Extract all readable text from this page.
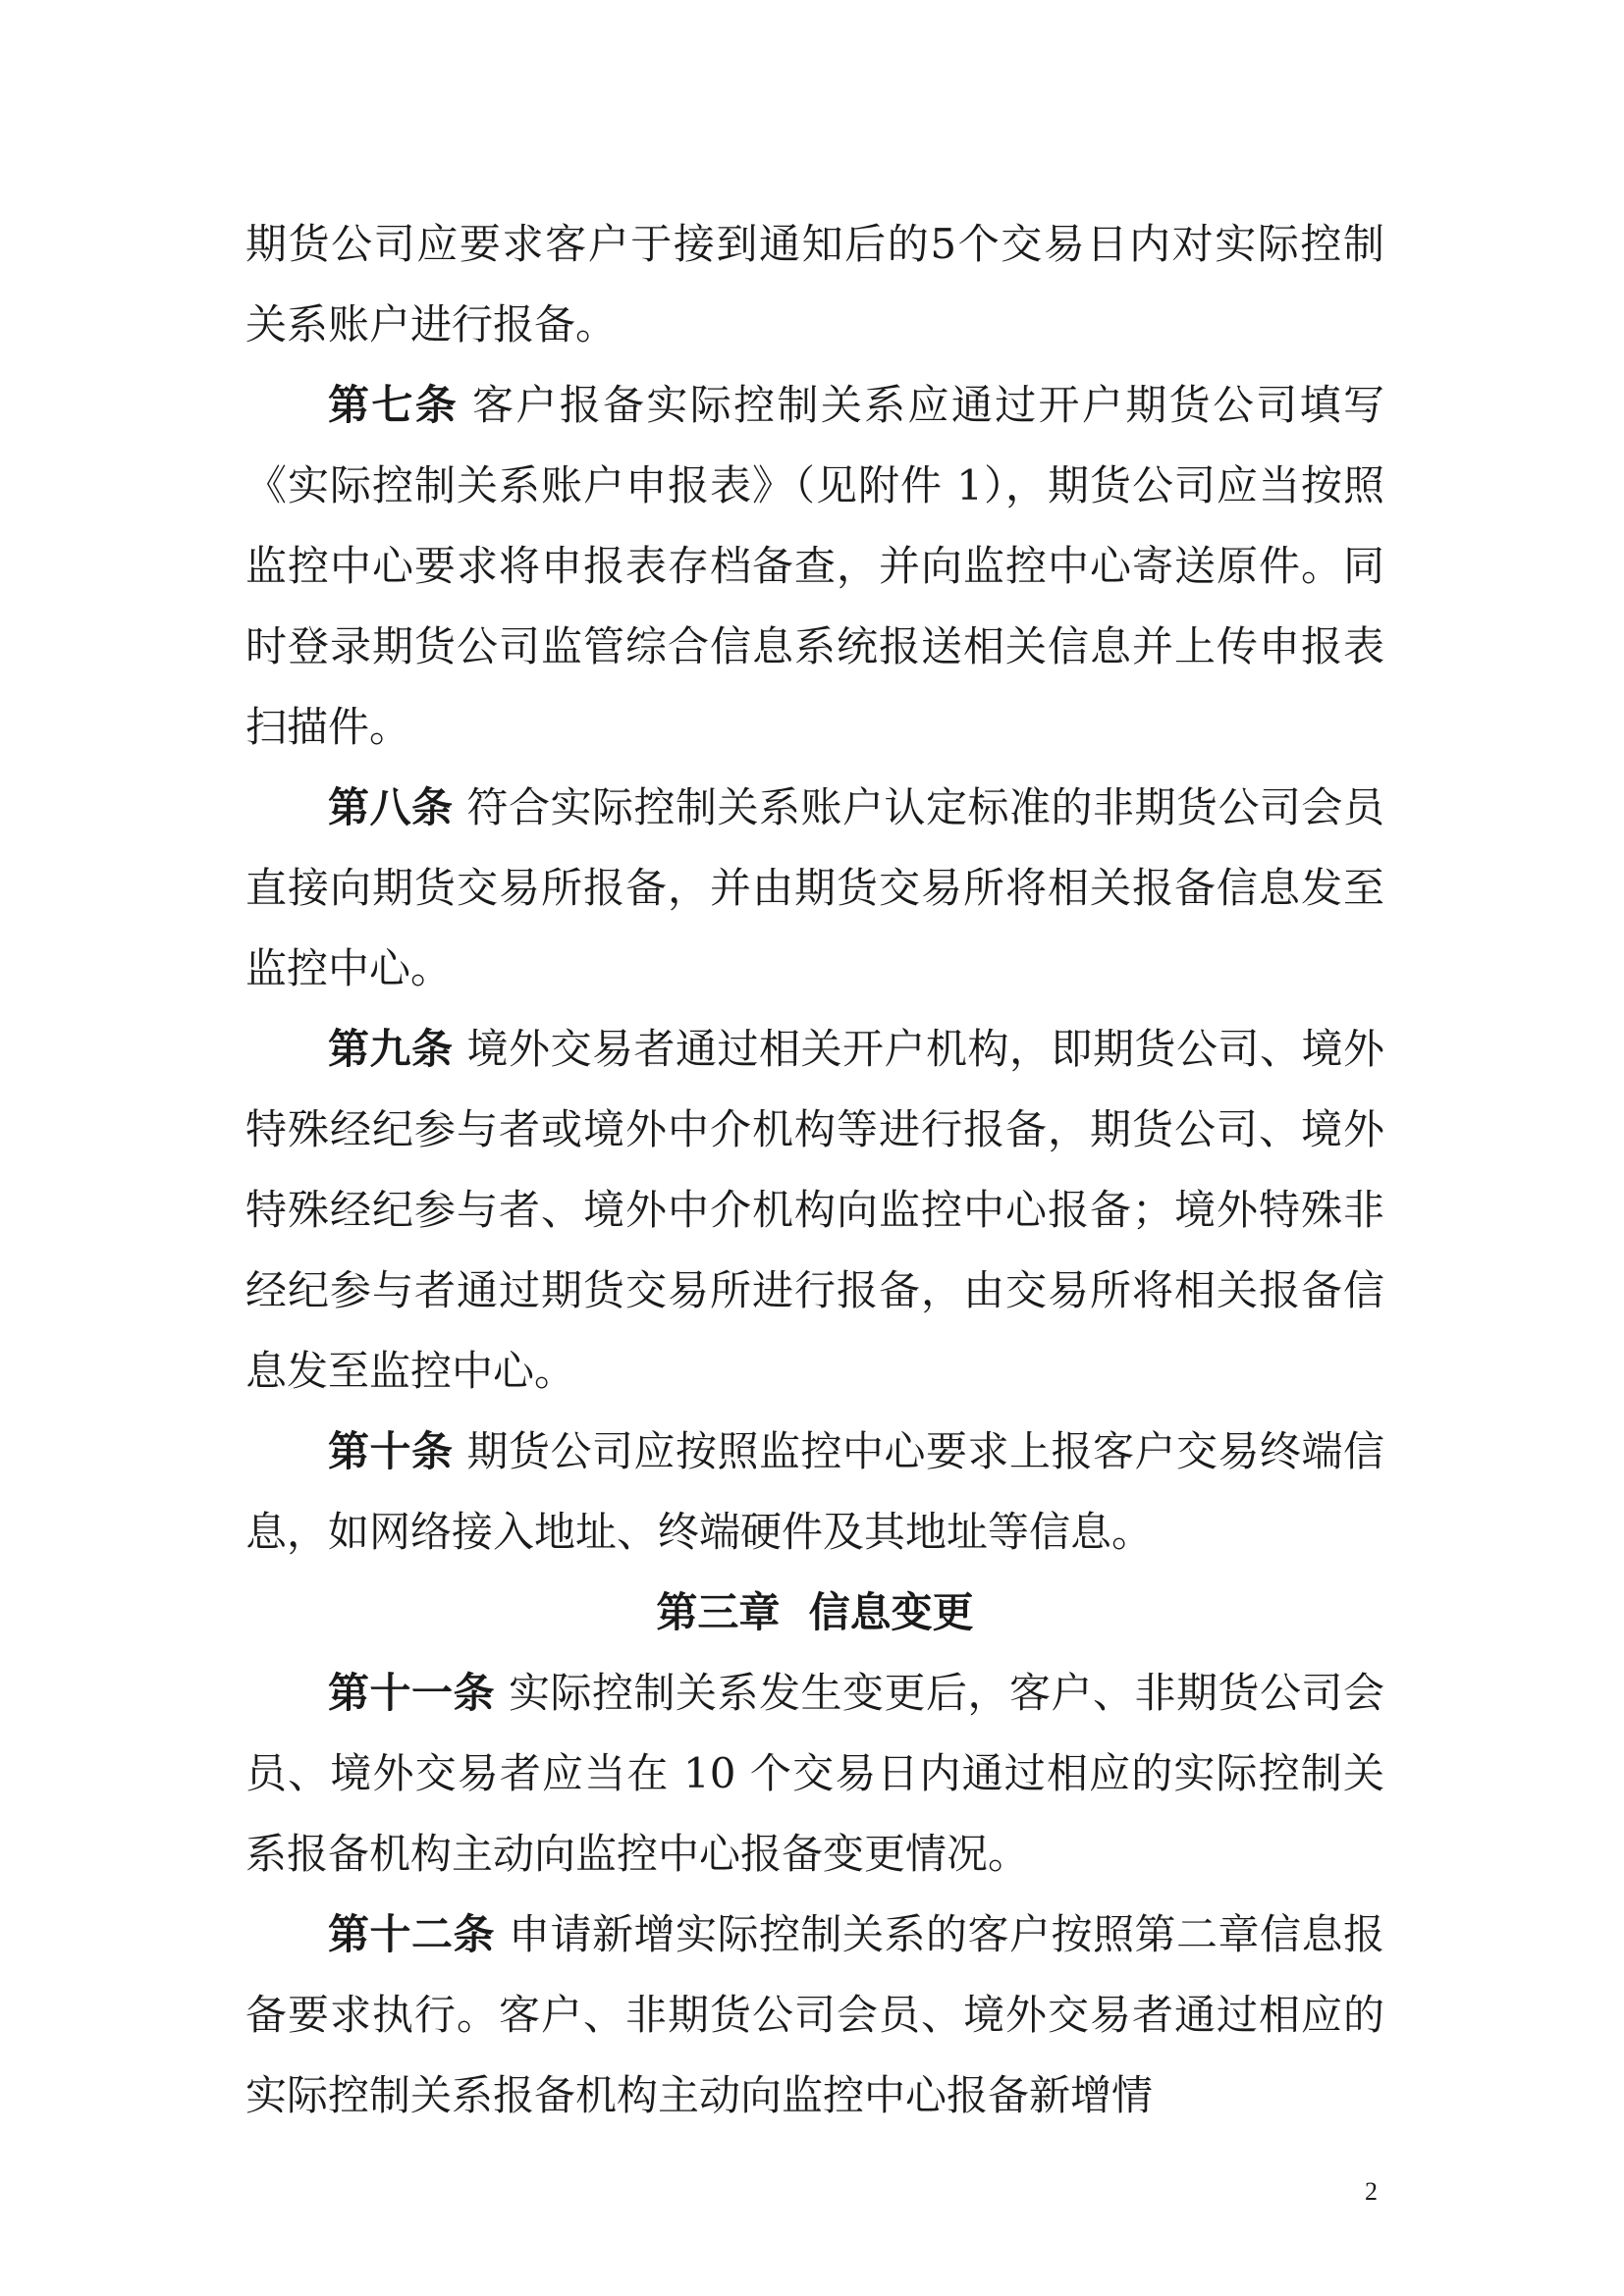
期货公司应要求客户于接到通知后的5个交易日内对实际控制关系账户进行报备。

第七条 客户报备实际控制关系应通过开户期货公司填写《实际控制关系账户申报表》（见附件 1），期货公司应当按照监控中心要求将申报表存档备查，并向监控中心寄送原件。同时登录期货公司监管综合信息系统报送相关信息并上传申报表扫描件。

第八条 符合实际控制关系账户认定标准的非期货公司会员直接向期货交易所报备，并由期货交易所将相关报备信息发至监控中心。

第九条 境外交易者通过相关开户机构，即期货公司、境外特殊经纪参与者或境外中介机构等进行报备，期货公司、境外特殊经纪参与者、境外中介机构向监控中心报备；境外特殊非经纪参与者通过期货交易所进行报备，由交易所将相关报备信息发至监控中心。

第十条 期货公司应按照监控中心要求上报客户交易终端信息，如网络接入地址、终端硬件及其地址等信息。

第三章  信息变更

第十一条 实际控制关系发生变更后，客户、非期货公司会员、境外交易者应当在 10 个交易日内通过相应的实际控制关系报备机构主动向监控中心报备变更情况。

第十二条 申请新增实际控制关系的客户按照第二章信息报备要求执行。客户、非期货公司会员、境外交易者通过相应的实际控制关系报备机构主动向监控中心报备新增情

2
